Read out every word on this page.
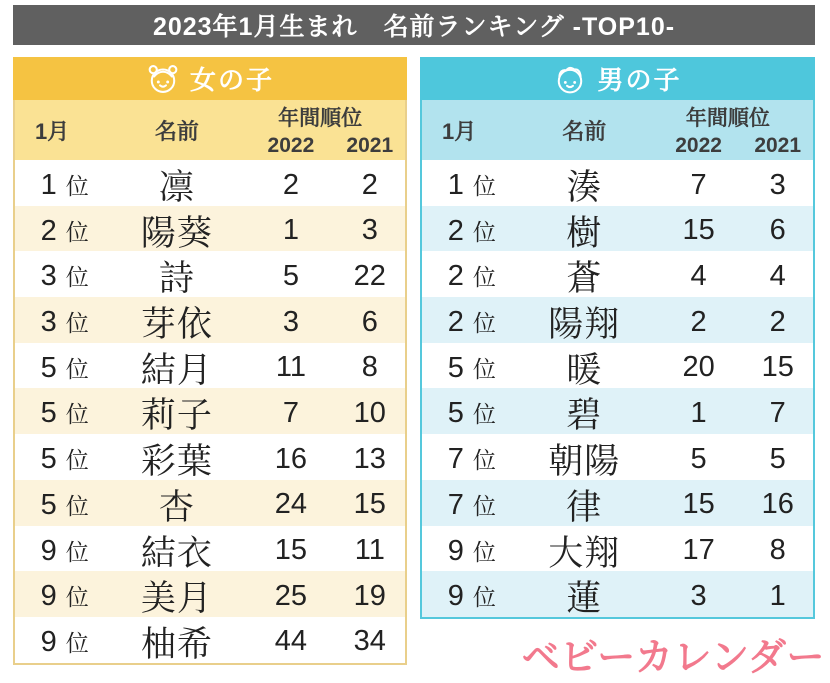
2023年1月生まれ　名前ランキング -TOP10-
女の子
1月	名前
年間順位
2022	2021
1 位	凛	2	2
2 位	陽葵	1	3
3 位	詩	5	22
3 位	芽依	3	6
5 位	結月	11	8
5 位	莉子	7	10
5 位	彩葉	16	13
5 位	杏	24	15
9 位	結衣	15	11
9 位	美月	25	19
9 位	柚希	44	34
男の子
1月	名前
年間順位
2022	2021
1 位	湊	7	3
2 位	樹	15	6
2 位	蒼	4	4
2 位	陽翔	2	2
5 位	暖	20	15
5 位	碧	1	7
7 位	朝陽	5	5
7 位	律	15	16
9 位	大翔	17	8
9 位	蓮	3	1
ベビーカレンダー
